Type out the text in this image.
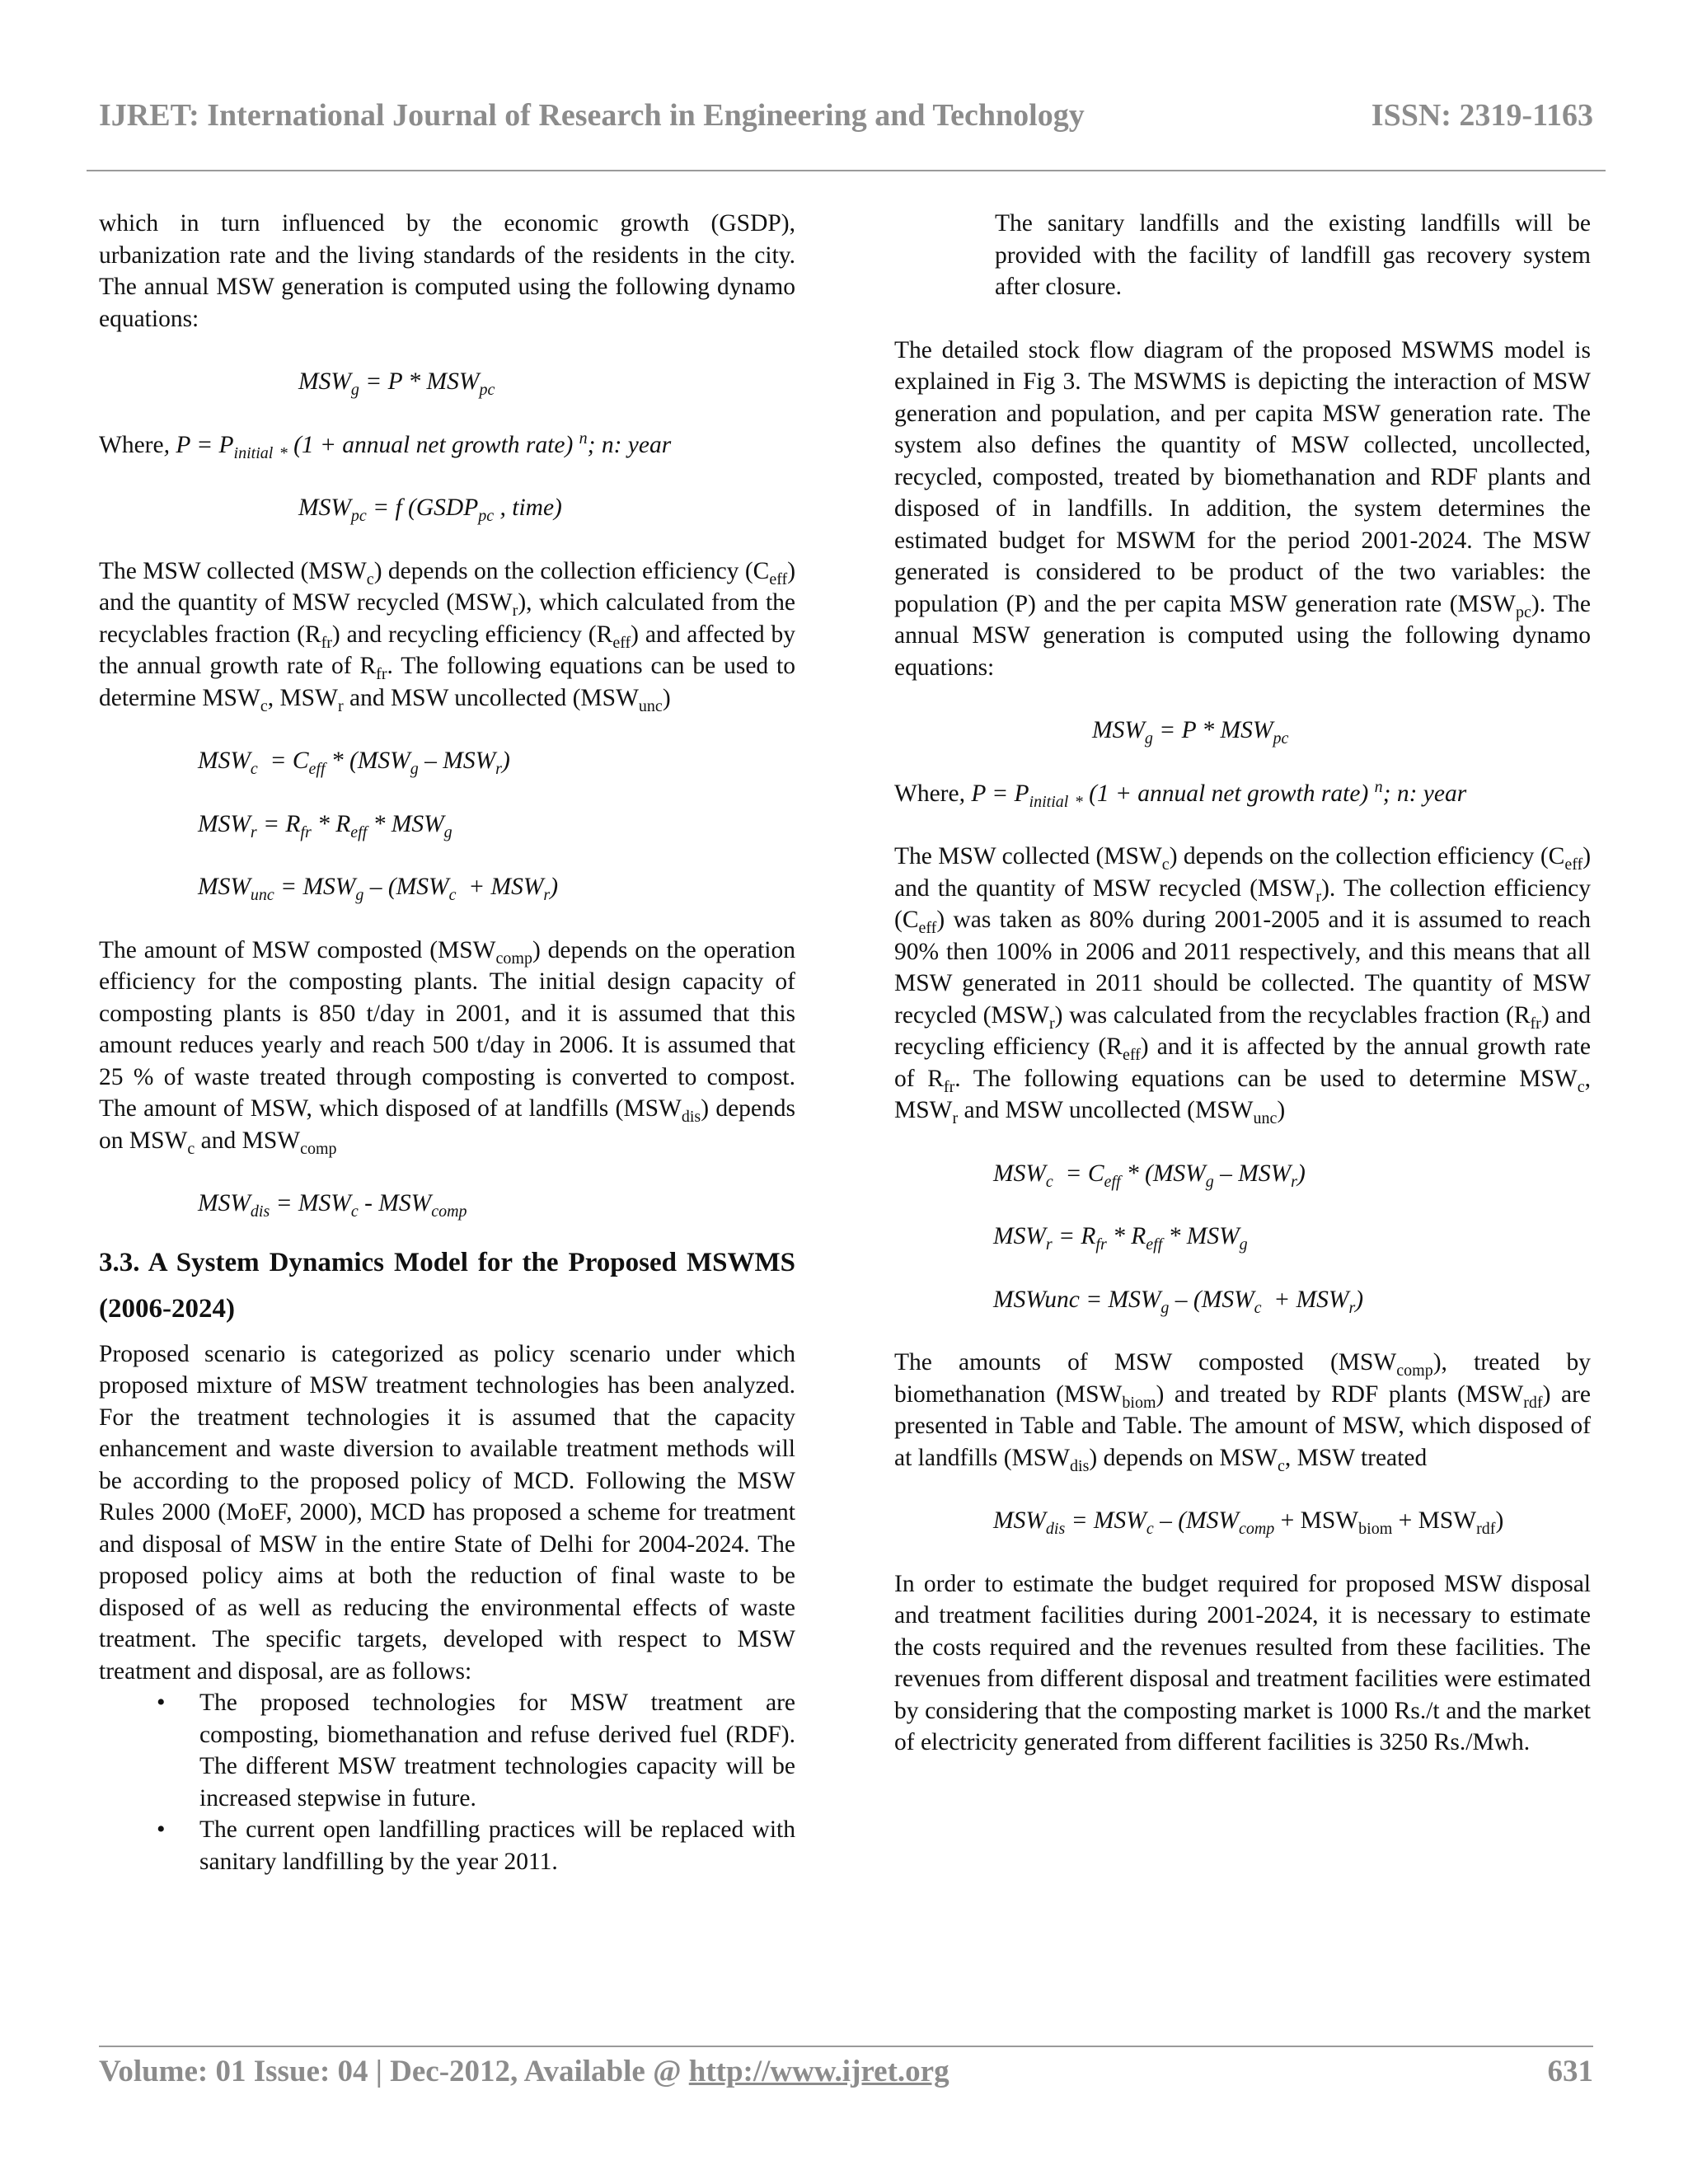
IJRET: International Journal of Research in Engineering and Technology	ISSN: 2319-1163

which in turn influenced by the economic growth (GSDP), urbanization rate and the living standards of the residents in the city. The annual MSW generation is computed using the following dynamo equations:

$MSW_g = P * MSW_{pc}$

Where, $P = P_{initial}$ $_*$ (1 + annual net growth rate) $^n$; n: year

$MSW_{pc} = f$ ($GSDP_{pc}$ , time)

The MSW collected $(MSW_c)$ depends on the collection efficiency $(C_{eff})$ and the quantity of MSW recycled $(MSW_r)$, which calculated from the recyclables fraction $(R_{fr})$ and recycling efficiency $(R_{eff})$ and affected by the annual growth rate of $R_{fr}$. The following equations can be used to determine $MSW_c$, $MSW_r$ and MSW uncollected $(MSW_{unc})$

$MSW_c = C_{eff} * (MSW_g - MSW_r)$

$MSW_r = R_{fr} * R_{eff} * MSW_g$

$MSW_{unc} = MSW_g - (MSW_c + MSW_r)$

The amount of MSW composted $(MSW_{comp})$ depends on the operation efficiency for the composting plants. The initial design capacity of composting plants is 850 t/day in 2001, and it is assumed that this amount reduces yearly and reach 500 t/day in 2006. It is assumed that 25 % of waste treated through composting is converted to compost. The amount of MSW, which disposed of at landfills $(MSW_{dis})$ depends on $MSW_c$ and $MSW_{comp}$

$MSW_{dis} = MSW_c - MSW_{comp}$

3.3. A System Dynamics Model for the Proposed MSWMS (2006-2024)

Proposed scenario is categorized as policy scenario under which proposed mixture of MSW treatment technologies has been analyzed. For the treatment technologies it is assumed that the capacity enhancement and waste diversion to available treatment methods will be according to the proposed policy of MCD. Following the MSW Rules 2000 (MoEF, 2000), MCD has proposed a scheme for treatment and disposal of MSW in the entire State of Delhi for 2004-2024. The proposed policy aims at both the reduction of final waste to be disposed of as well as reducing the environmental effects of waste treatment. The specific targets, developed with respect to MSW treatment and disposal, are as follows:

• The proposed technologies for MSW treatment are composting, biomethanation and refuse derived fuel (RDF). The different MSW treatment technologies capacity will be increased stepwise in future.
• The current open landfilling practices will be replaced with sanitary landfilling by the year 2011.

The sanitary landfills and the existing landfills will be provided with the facility of landfill gas recovery system after closure.

The detailed stock flow diagram of the proposed MSWMS model is explained in Fig 3. The MSWMS is depicting the interaction of MSW generation and population, and per capita MSW generation rate. The system also defines the quantity of MSW collected, uncollected, recycled, composted, treated by biomethanation and RDF plants and disposed of in landfills. In addition, the system determines the estimated budget for MSWM for the period 2001-2024. The MSW generated is considered to be product of the two variables: the population (P) and the per capita MSW generation rate $(MSW_{pc})$. The annual MSW generation is computed using the following dynamo equations:

$MSW_g = P * MSW_{pc}$

Where, $P = P_{initial}$ $_*$ (1 + annual net growth rate) $^n$; n: year

The MSW collected $(MSW_c)$ depends on the collection efficiency $(C_{eff})$ and the quantity of MSW recycled $(MSW_r)$. The collection efficiency $(C_{eff})$ was taken as 80% during 2001-2005 and it is assumed to reach 90% then 100% in 2006 and 2011 respectively, and this means that all MSW generated in 2011 should be collected. The quantity of MSW recycled $(MSW_r)$ was calculated from the recyclables fraction $(R_{fr})$ and recycling efficiency $(R_{eff})$ and it is affected by the annual growth rate of $R_{fr}$. The following equations can be used to determine $MSW_c$, $MSW_r$ and MSW uncollected $(MSW_{unc})$

$MSW_c = C_{eff} * (MSW_g - MSW_r)$

$MSW_r = R_{fr} * R_{eff} * MSW_g$

MSWunc = $MSW_g - (MSW_c + MSW_r)$

The amounts of MSW composted $(MSW_{comp})$, treated by biomethanation $(MSW_{biom})$ and treated by RDF plants $(MSW_{rdf})$ are presented in Table and Table. The amount of MSW, which disposed of at landfills $(MSW_{dis})$ depends on $MSW_c$, MSW treated

$MSW_{dis} = MSW_c - (MSW_{comp} + MSW_{biom} + MSW_{rdf})$

In order to estimate the budget required for proposed MSW disposal and treatment facilities during 2001-2024, it is necessary to estimate the costs required and the revenues resulted from these facilities. The revenues from different disposal and treatment facilities were estimated by considering that the composting market is 1000 Rs./t and the market of electricity generated from different facilities is 3250 Rs./Mwh.

Volume: 01 Issue: 04 | Dec-2012, Available @ http://www.ijret.org	631
